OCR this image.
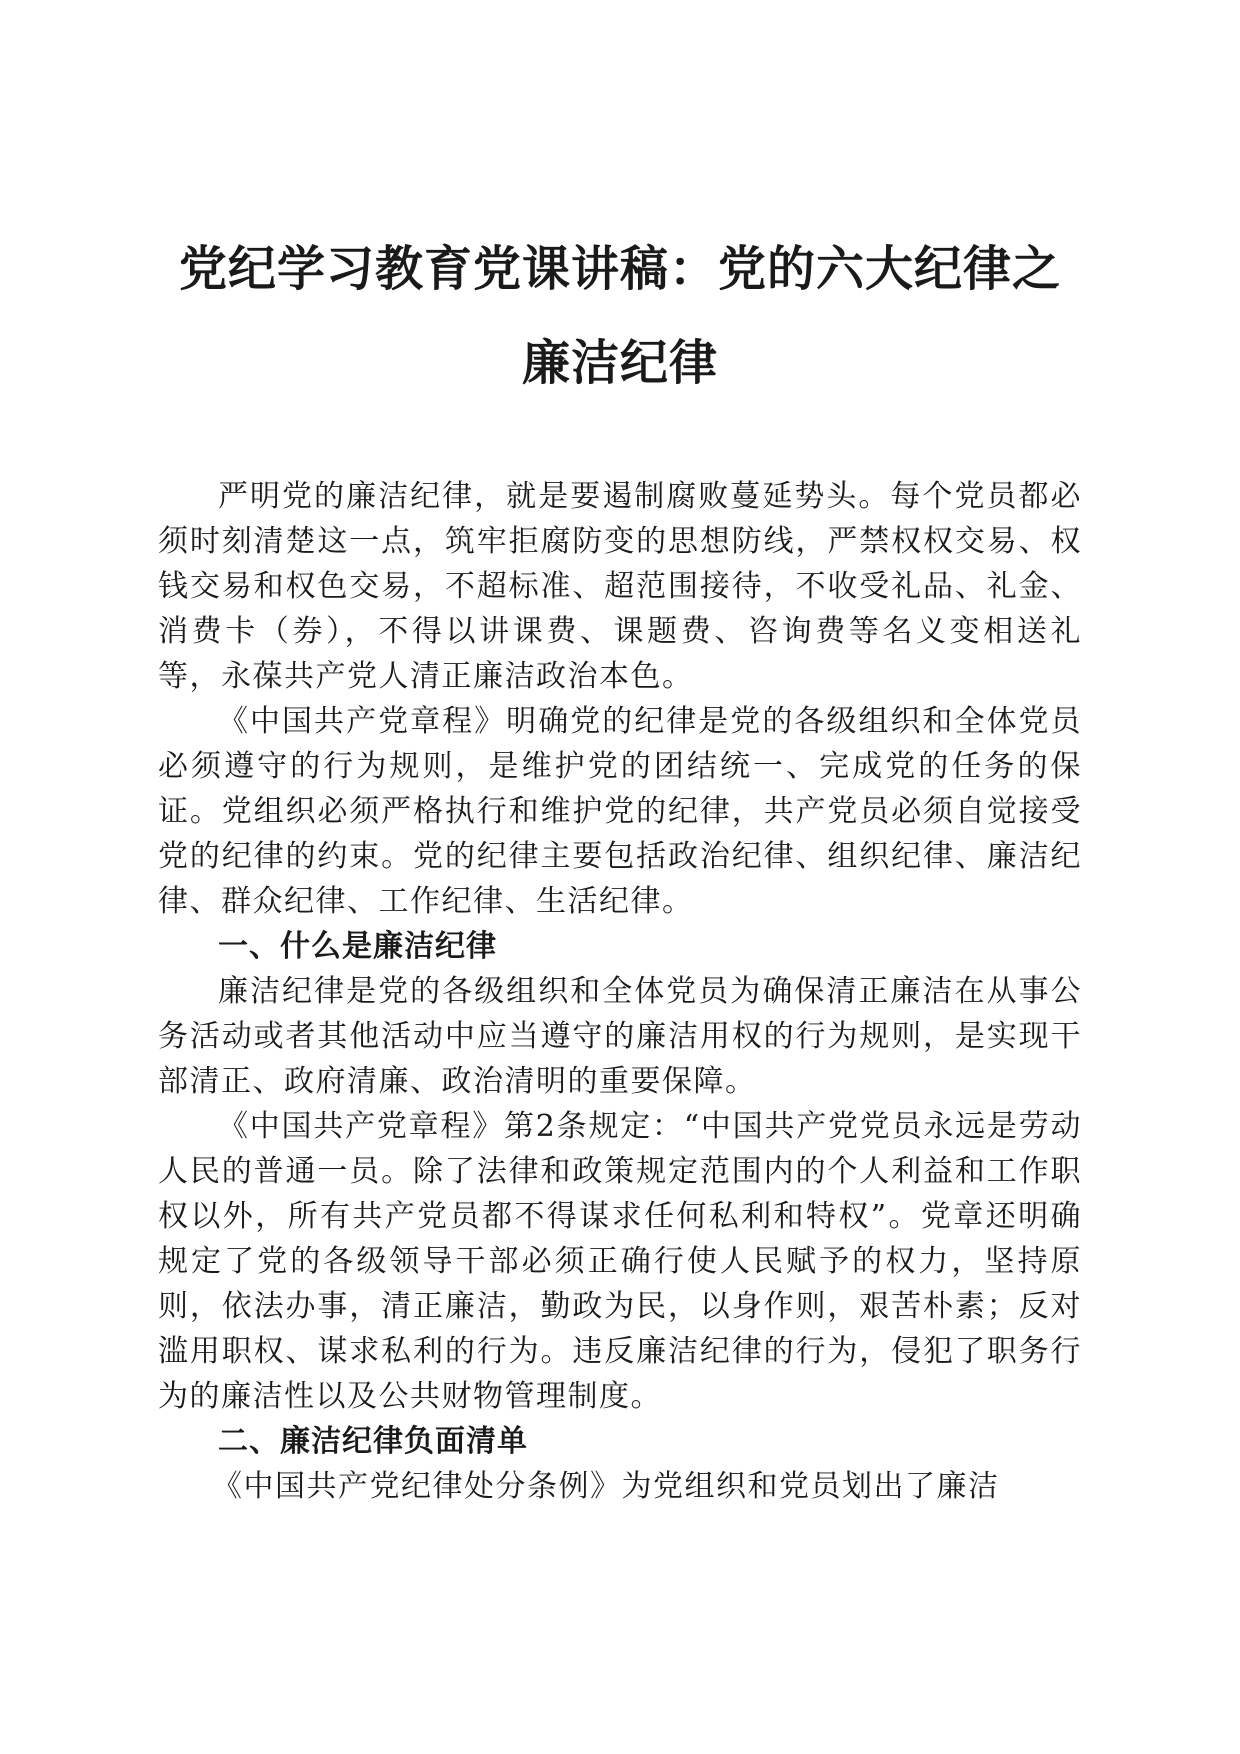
党纪学习教育党课讲稿：党的六大纪律之廉洁纪律

严明党的廉洁纪律，就是要遏制腐败蔓延势头。每个党员都必须时刻清楚这一点，筑牢拒腐防变的思想防线，严禁权权交易、权钱交易和权色交易，不超标准、超范围接待，不收受礼品、礼金、消费卡（券），不得以讲课费、课题费、咨询费等名义变相送礼等，永葆共产党人清正廉洁政治本色。

《中国共产党章程》明确党的纪律是党的各级组织和全体党员必须遵守的行为规则，是维护党的团结统一、完成党的任务的保证。党组织必须严格执行和维护党的纪律，共产党员必须自觉接受党的纪律的约束。党的纪律主要包括政治纪律、组织纪律、廉洁纪律、群众纪律、工作纪律、生活纪律。

一、什么是廉洁纪律

廉洁纪律是党的各级组织和全体党员为确保清正廉洁在从事公务活动或者其他活动中应当遵守的廉洁用权的行为规则，是实现干部清正、政府清廉、政治清明的重要保障。

《中国共产党章程》第2条规定：“中国共产党党员永远是劳动人民的普通一员。除了法律和政策规定范围内的个人利益和工作职权以外，所有共产党员都不得谋求任何私利和特权”。党章还明确规定了党的各级领导干部必须正确行使人民赋予的权力，坚持原则，依法办事，清正廉洁，勤政为民，以身作则，艰苦朴素；反对滥用职权、谋求私利的行为。违反廉洁纪律的行为，侵犯了职务行为的廉洁性以及公共财物管理制度。

二、廉洁纪律负面清单

《中国共产党纪律处分条例》为党组织和党员划出了廉洁
